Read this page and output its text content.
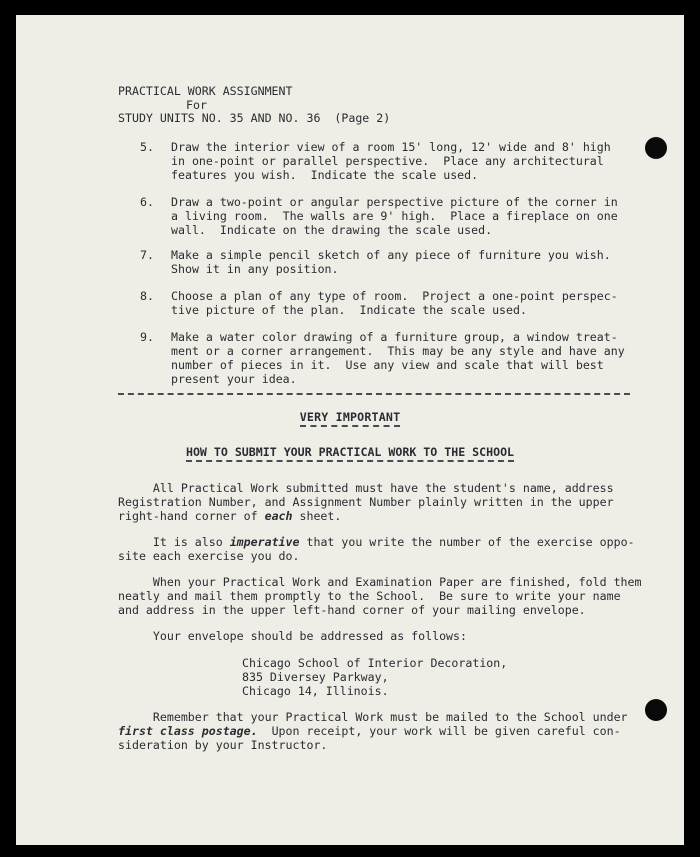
PRACTICAL WORK ASSIGNMENT
For
STUDY UNITS NO. 35 AND NO. 36  (Page 2)
5. Draw the interior view of a room 15' long, 12' wide and 8' high
in one-point or parallel perspective.  Place any architectural
features you wish.  Indicate the scale used.
6. Draw a two-point or angular perspective picture of the corner in
a living room.  The walls are 9' high.  Place a fireplace on one
wall.  Indicate on the drawing the scale used.
7. Make a simple pencil sketch of any piece of furniture you wish.
Show it in any position.
8. Choose a plan of any type of room.  Project a one-point perspec-
tive picture of the plan.  Indicate the scale used.
9. Make a water color drawing of a furniture group, a window treat-
ment or a corner arrangement.  This may be any style and have any
number of pieces in it.  Use any view and scale that will best
present your idea.
VERY IMPORTANT
HOW TO SUBMIT YOUR PRACTICAL WORK TO THE SCHOOL
All Practical Work submitted must have the student's name, address
Registration Number, and Assignment Number plainly written in the upper
right-hand corner of each sheet.
It is also imperative that you write the number of the exercise oppo-
site each exercise you do.
When your Practical Work and Examination Paper are finished, fold them
neatly and mail them promptly to the School.  Be sure to write your name
and address in the upper left-hand corner of your mailing envelope.
Your envelope should be addressed as follows:
Chicago School of Interior Decoration,
835 Diversey Parkway,
Chicago 14, Illinois.
Remember that your Practical Work must be mailed to the School under
first class postage.  Upon receipt, your work will be given careful con-
sideration by your Instructor.
